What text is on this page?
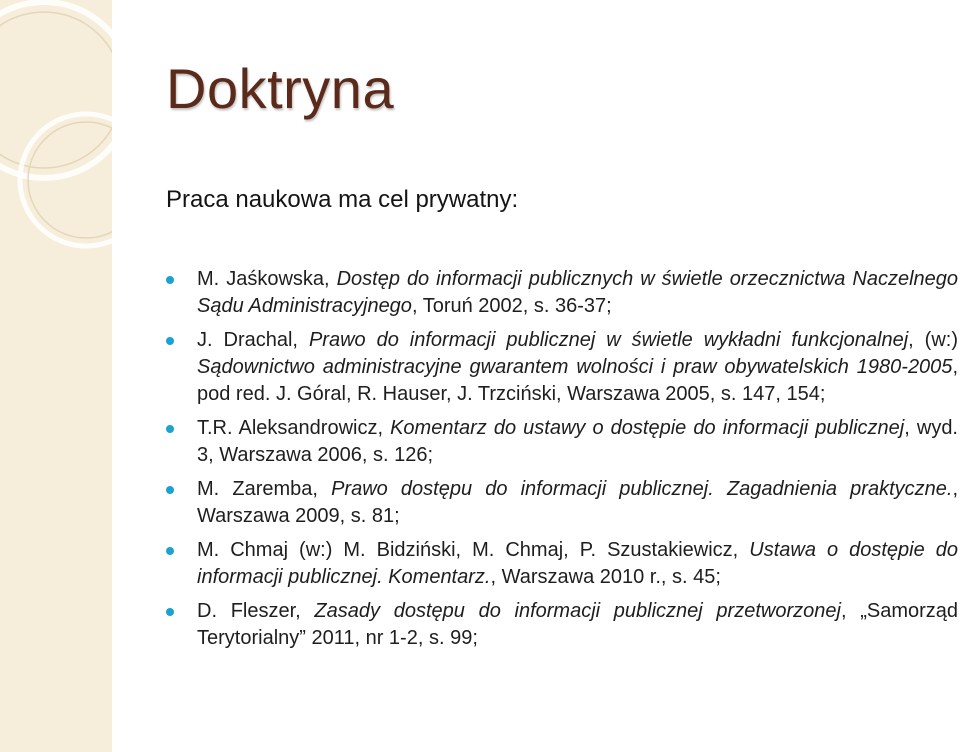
Doktryna

Praca naukowa ma cel prywatny:

M. Jaśkowska, Dostęp do informacji publicznych w świetle orzecznictwa Naczelnego Sądu Administracyjnego, Toruń 2002, s. 36-37;
J. Drachal, Prawo do informacji publicznej w świetle wykładni funkcjonalnej, (w:) Sądownictwo administracyjne gwarantem wolności i praw obywatelskich 1980-2005, pod red. J. Góral, R. Hauser, J. Trzciński, Warszawa 2005, s. 147, 154;
T.R. Aleksandrowicz, Komentarz do ustawy o dostępie do informacji publicznej, wyd. 3, Warszawa 2006, s. 126;
M. Zaremba, Prawo dostępu do informacji publicznej. Zagadnienia praktyczne., Warszawa 2009, s. 81;
M. Chmaj (w:) M. Bidziński, M. Chmaj, P. Szustakiewicz, Ustawa o dostępie do informacji publicznej. Komentarz., Warszawa 2010 r., s. 45;
D. Fleszer, Zasady dostępu do informacji publicznej przetworzonej, „Samorząd Terytorialny” 2011, nr 1-2, s. 99;
